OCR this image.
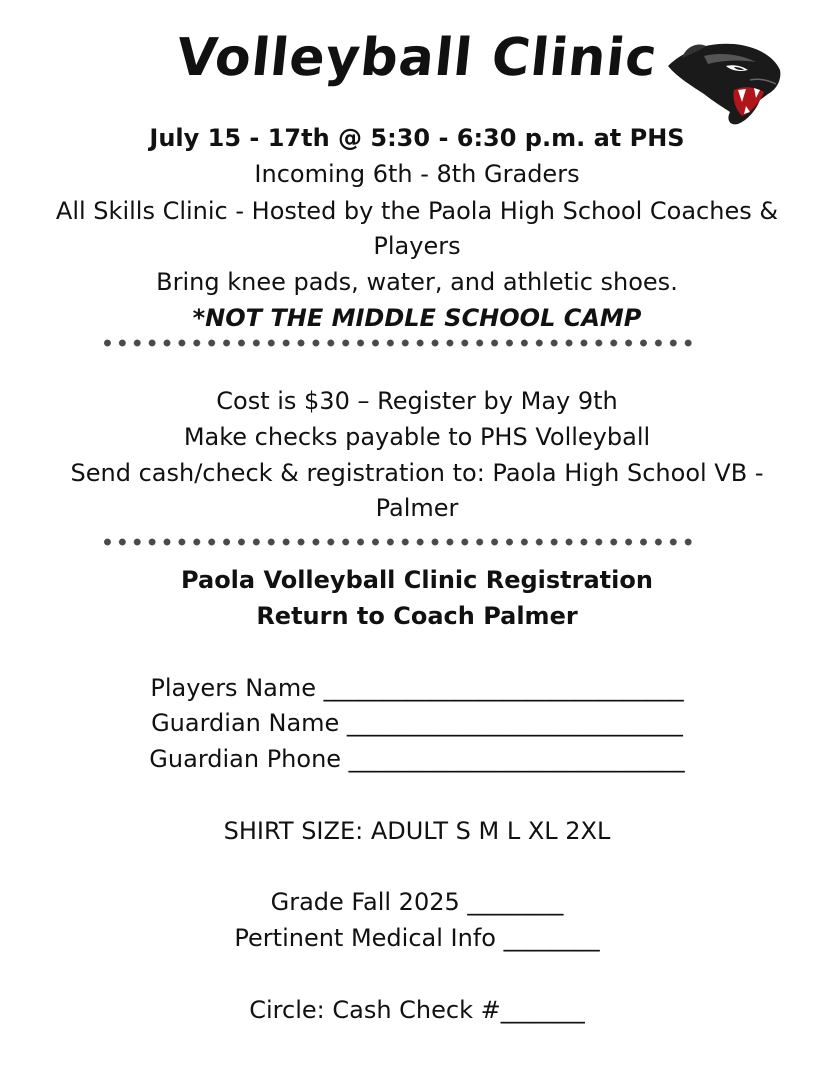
Volleyball Clinic
July 15 - 17th @ 5:30 - 6:30 p.m. at PHS
Incoming 6th - 8th Graders
All Skills Clinic - Hosted by the Paola High School Coaches &
Players
Bring knee pads, water, and athletic shoes.
*NOT THE MIDDLE SCHOOL CAMP
Cost is $30 – Register by May 9th
Make checks payable to PHS Volleyball
Send cash/check & registration to: Paola High School VB -
Palmer
Paola Volleyball Clinic Registration
Return to Coach Palmer
Players Name ______________________________
Guardian Name ____________________________
Guardian Phone ____________________________
SHIRT SIZE: ADULT S M L XL 2XL
Grade Fall 2025 ________
Pertinent Medical Info ________
Circle: Cash Check #_______
